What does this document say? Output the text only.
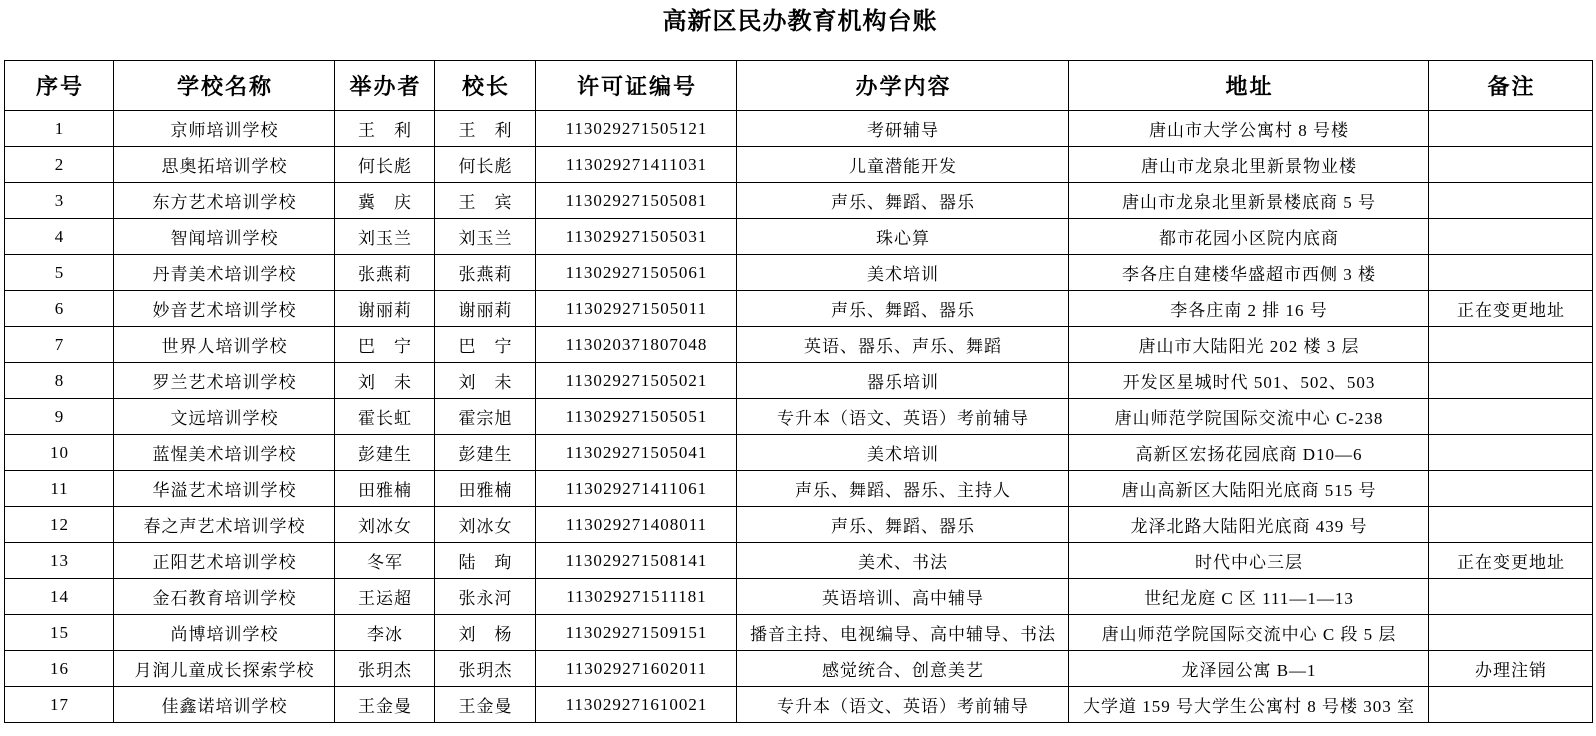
高新区民办教育机构台账
序号	学校名称	举办者	校长	许可证编号	办学内容	地址	备注
1	京师培训学校	王　利	王　利	113029271505121	考研辅导	唐山市大学公寓村 8 号楼	
2	思奥拓培训学校	何长彪	何长彪	113029271411031	儿童潜能开发	唐山市龙泉北里新景物业楼	
3	东方艺术培训学校	冀　庆	王　宾	113029271505081	声乐、舞蹈、器乐	唐山市龙泉北里新景楼底商 5 号	
4	智闻培训学校	刘玉兰	刘玉兰	113029271505031	珠心算	都市花园小区院内底商	
5	丹青美术培训学校	张燕莉	张燕莉	113029271505061	美术培训	李各庄自建楼华盛超市西侧 3 楼	
6	妙音艺术培训学校	谢丽莉	谢丽莉	113029271505011	声乐、舞蹈、器乐	李各庄南 2 排 16 号	正在变更地址
7	世界人培训学校	巴　宁	巴　宁	113020371807048	英语、器乐、声乐、舞蹈	唐山市大陆阳光 202 楼 3 层	
8	罗兰艺术培训学校	刘　未	刘　未	113029271505021	器乐培训	开发区星城时代 501、502、503	
9	文远培训学校	霍长虹	霍宗旭	113029271505051	专升本（语文、英语）考前辅导	唐山师范学院国际交流中心 C-238	
10	蓝惺美术培训学校	彭建生	彭建生	113029271505041	美术培训	高新区宏扬花园底商 D10—6	
11	华溢艺术培训学校	田雅楠	田雅楠	113029271411061	声乐、舞蹈、器乐、主持人	唐山高新区大陆阳光底商 515 号	
12	春之声艺术培训学校	刘冰女	刘冰女	113029271408011	声乐、舞蹈、器乐	龙泽北路大陆阳光底商 439 号	
13	正阳艺术培训学校	冬军	陆　珣	113029271508141	美术、书法	时代中心三层	正在变更地址
14	金石教育培训学校	王运超	张永河	113029271511181	英语培训、高中辅导	世纪龙庭 C 区 111—1—13	
15	尚博培训学校	李冰	刘　杨	113029271509151	播音主持、电视编导、高中辅导、书法	唐山师范学院国际交流中心 C 段 5 层	
16	月润儿童成长探索学校	张玥杰	张玥杰	113029271602011	感觉统合、创意美艺	龙泽园公寓 B—1	办理注销
17	佳鑫诺培训学校	王金曼	王金曼	113029271610021	专升本（语文、英语）考前辅导	大学道 159 号大学生公寓村 8 号楼 303 室	
